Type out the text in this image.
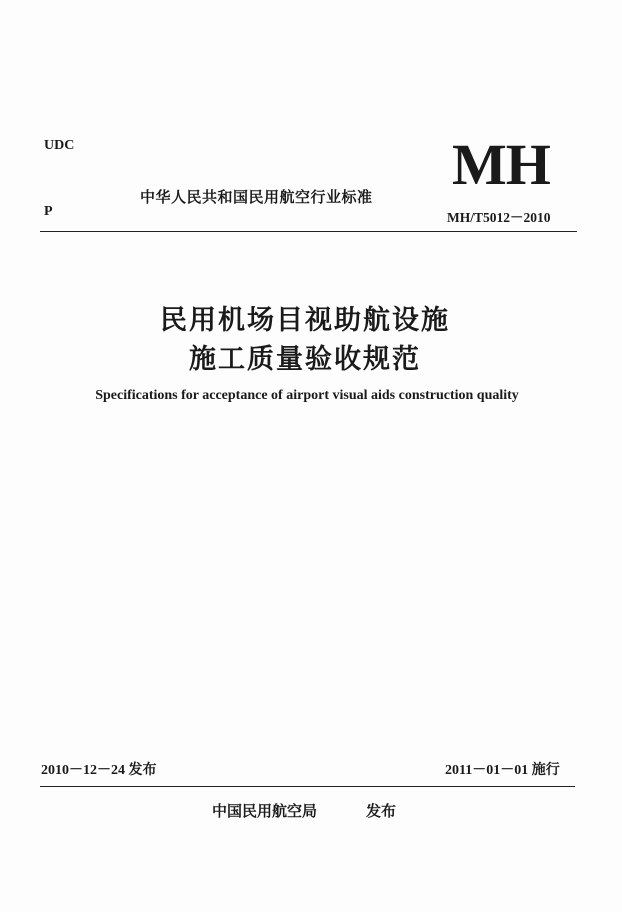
UDC
P
中华人民共和国民用航空行业标准 MH
MH/T5012－2010
民用机场目视助航设施
施工质量验收规范
Specifications for acceptance of airport visual aids construction quality
2010－12－24 发布	2011－01－01 施行
中国民用航空局	发布
